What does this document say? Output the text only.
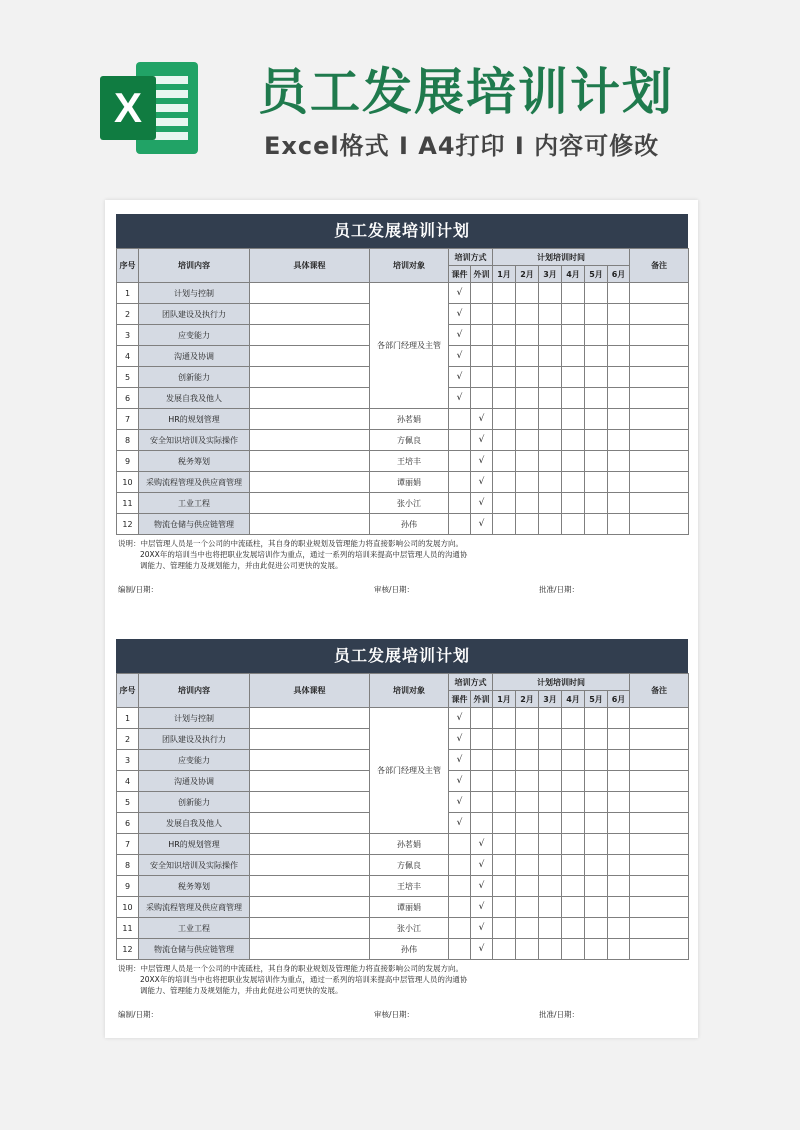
X 员工发展培训计划
Excel格式 Ι A4打印 Ι 内容可修改
员工发展培训计划
序号	培训内容	具体课程	培训对象	培训方式		计划培训时间						备注
				课件	外训	1月	2月	3月	4月	5月	6月	
1	计划与控制		各部门经理及主管	√								
2	团队建设及执行力			√								
3	应变能力			√								
4	沟通及协调			√								
5	创新能力			√								
6	发展自我及他人			√								
7	HR的规划管理		孙茗娟		√							
8	安全知识培训及实际操作		方佩良		√							
9	税务筹划		王培丰		√							
10	采购流程管理及供应商管理		谭丽娟		√							
11	工业工程		张小江		√							
12	物流仓储与供应链管理		孙伟		√							
说明：中层管理人员是一个公司的中流砥柱，其自身的职业规划及管理能力将直接影响公司的发展方向。
20XX年的培训当中也将把职业发展培训作为重点，通过一系列的培训来提高中层管理人员的沟通协
调能力、管理能力及规划能力，并由此促进公司更快的发展。
编制/日期：	审核/日期：	批准/日期：
员工发展培训计划
序号	培训内容	具体课程	培训对象	培训方式		计划培训时间						备注
				课件	外训	1月	2月	3月	4月	5月	6月	
1	计划与控制		各部门经理及主管	√								
2	团队建设及执行力			√								
3	应变能力			√								
4	沟通及协调			√								
5	创新能力			√								
6	发展自我及他人			√								
7	HR的规划管理		孙茗娟		√							
8	安全知识培训及实际操作		方佩良		√							
9	税务筹划		王培丰		√							
10	采购流程管理及供应商管理		谭丽娟		√							
11	工业工程		张小江		√							
12	物流仓储与供应链管理		孙伟		√							
说明：中层管理人员是一个公司的中流砥柱，其自身的职业规划及管理能力将直接影响公司的发展方向。
20XX年的培训当中也将把职业发展培训作为重点，通过一系列的培训来提高中层管理人员的沟通协
调能力、管理能力及规划能力，并由此促进公司更快的发展。
编制/日期：	审核/日期：	批准/日期：
